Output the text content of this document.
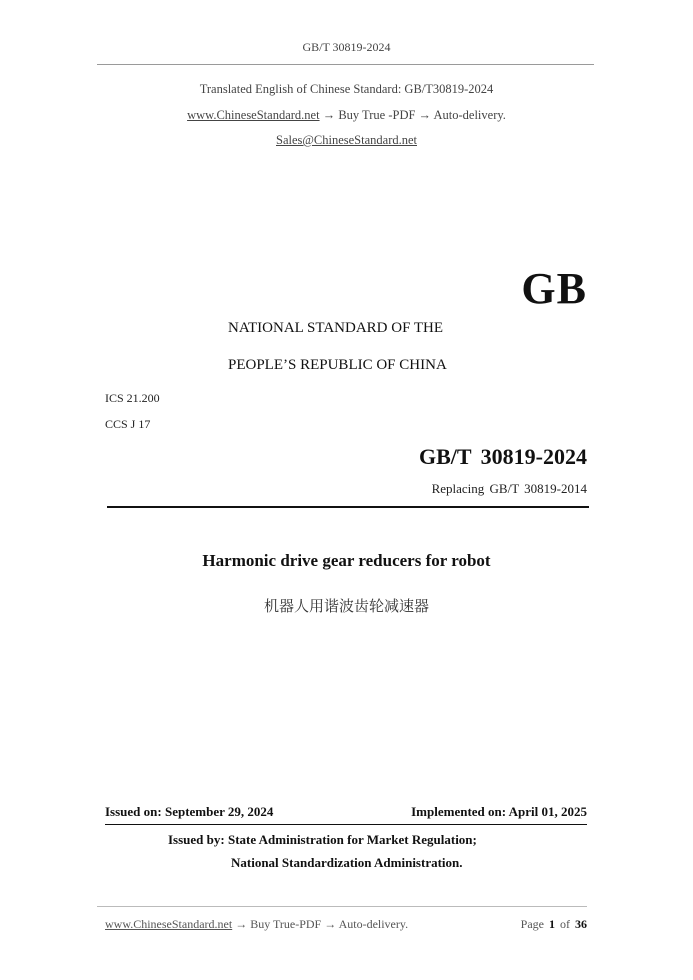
GB/T 30819-2024
Translated English of Chinese Standard: GB/T30819-2024
www.ChineseStandard.net → Buy True -PDF → Auto-delivery.
Sales@ChineseStandard.net
GB
NATIONAL STANDARD OF THE
PEOPLE’S REPUBLIC OF CHINA
ICS 21.200
CCS J 17
GB/T 30819-2024
Replacing GB/T 30819-2014
Harmonic drive gear reducers for robot
机器人用谐波齿轮减速器
Issued on: September 29, 2024	Implemented on: April 01, 2025
Issued by: State Administration for Market Regulation;
National Standardization Administration.
www.ChineseStandard.net → Buy True-PDF → Auto-delivery.	Page 1 of 36
